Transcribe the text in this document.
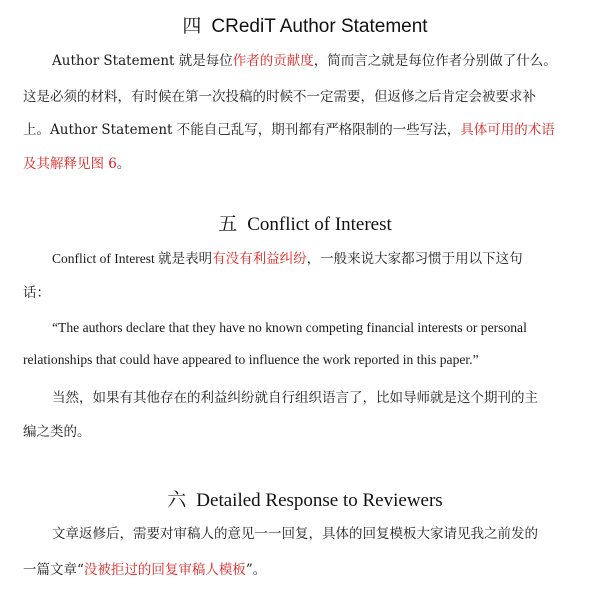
四 CRediT Author Statement
Author Statement 就是每位作者的贡献度，简而言之就是每位作者分别做了什么。
这是必须的材料，有时候在第一次投稿的时候不一定需要，但返修之后肯定会被要求补
上。Author Statement 不能自己乱写，期刊都有严格限制的一些写法，具体可用的术语
及其解释见图 6。
五 Conflict of Interest
Conflict of Interest 就是表明有没有利益纠纷，一般来说大家都习惯于用以下这句
话：
“The authors declare that they have no known competing financial interests or personal
relationships that could have appeared to influence the work reported in this paper.”
当然，如果有其他存在的利益纠纷就自行组织语言了，比如导师就是这个期刊的主
编之类的。
六 Detailed Response to Reviewers
文章返修后，需要对审稿人的意见一一回复，具体的回复模板大家请见我之前发的
一篇文章“没被拒过的回复审稿人模板”。
